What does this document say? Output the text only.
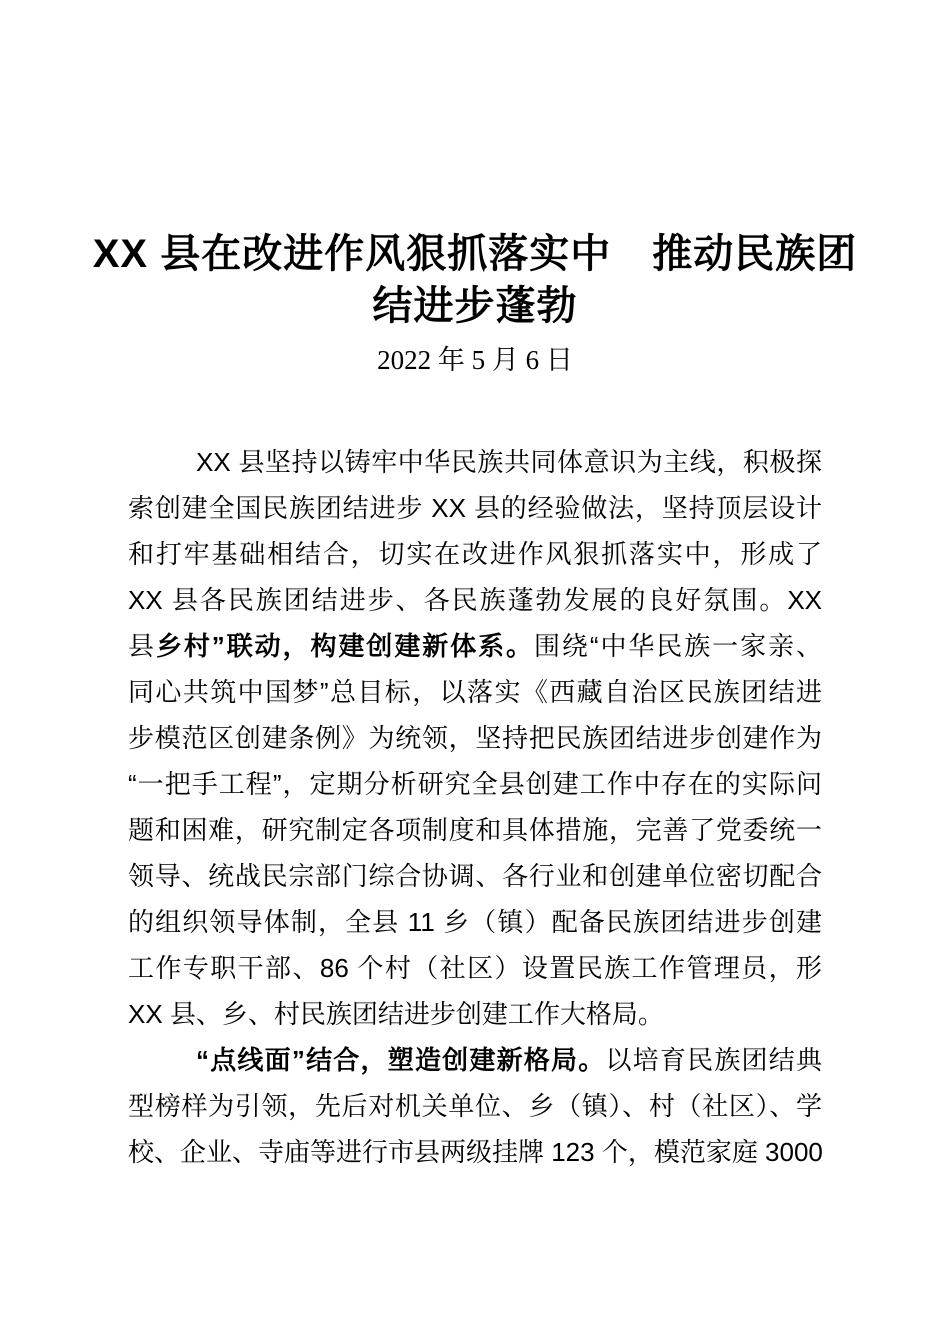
XX 县在改进作风狠抓落实中　推动民族团
结进步蓬勃
2022 年 5 月 6 日
XX 县坚持以铸牢中华民族共同体意识为主线，积极探
索创建全国民族团结进步 XX 县的经验做法，坚持顶层设计
和打牢基础相结合，切实在改进作风狠抓落实中，形成了
XX 县各民族团结进步、各民族蓬勃发展的良好氛围。XX
县乡村”联动，构建创建新体系。围绕“中华民族一家亲、
同心共筑中国梦”总目标，以落实《西藏自治区民族团结进
步模范区创建条例》为统领，坚持把民族团结进步创建作为
“一把手工程”，定期分析研究全县创建工作中存在的实际问
题和困难，研究制定各项制度和具体措施，完善了党委统一
领导、统战民宗部门综合协调、各行业和创建单位密切配合
的组织领导体制，全县 11 乡（镇）配备民族团结进步创建
工作专职干部、86 个村（社区）设置民族工作管理员，形
XX 县、乡、村民族团结进步创建工作大格局。
“点线面”结合，塑造创建新格局。以培育民族团结典
型榜样为引领，先后对机关单位、乡（镇）、村（社区）、学
校、企业、寺庙等进行市县两级挂牌 123 个，模范家庭 3000
